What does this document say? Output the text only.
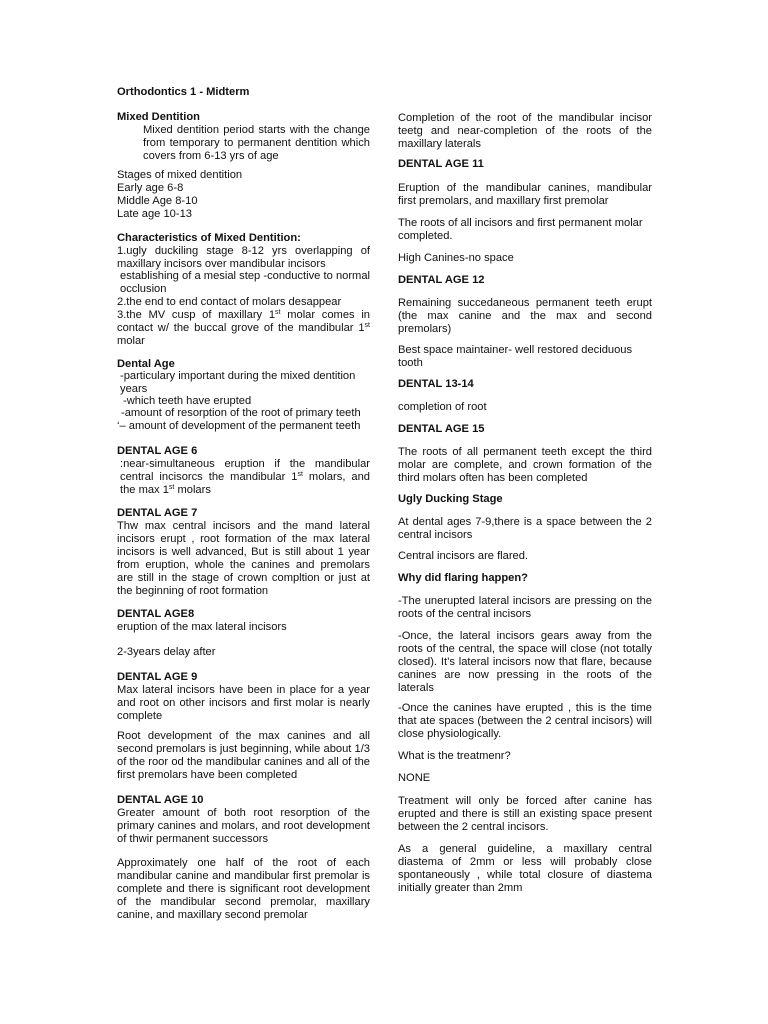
Orthodontics 1 - Midterm

Mixed Dentition

Mixed dentition period starts with the change from temporary to permanent dentition which covers from 6-13 yrs of age

Stages of mixed dentition

Early age 6-8

Middle Age 8-10

Late age 10-13

Characteristics of Mixed Dentition:

1.ugly duckiling stage 8-12 yrs overlapping of maxillary incisors over mandibular incisors

establishing of a mesial step -conductive to normal occlusion

2.the end to end contact of molars desappear

3.the MV cusp of maxillary 1st molar comes in contact w/ the buccal grove of the mandibular 1st molar

Dental Age

-particulary important during the mixed dentition years

-which teeth have erupted

-amount of resorption of the root of primary teeth

‘– amount of development of the permanent teeth

DENTAL AGE 6

:near-simultaneous eruption if the mandibular central incisorcs the mandibular 1st molars, and the max 1st molars

DENTAL AGE 7

Thw max central incisors and the mand lateral incisors erupt , root formation of the max lateral incisors is well advanced, But is still about 1 year from eruption, whole the canines and premolars are still in the stage of crown compltion or just at the beginning of root formation

DENTAL AGE8

eruption of the max lateral incisors

2-3years delay after

DENTAL AGE 9

Max lateral incisors have been in place for a year and root on other incisors and first molar is nearly complete

Root development of the max canines and all second premolars is just beginning, while about 1/3 of the roor od the mandibular canines and all of the first premolars have been completed

DENTAL AGE 10

Greater amount of both root resorption of the primary canines and molars, and root development of thwir permanent successors

Approximately one half of the root of each mandibular canine and mandibular first premolar is complete and there is significant root development of the mandibular second premolar, maxillary canine, and maxillary second premolar

Completion of the root of the mandibular incisor teetg and near-completion of the roots of the maxillary laterals

DENTAL AGE 11

Eruption of the mandibular canines, mandibular first premolars, and maxillary first premolar

The roots of all incisors and first permanent molar completed.

High Canines-no space

DENTAL AGE 12

Remaining succedaneous permanent teeth erupt (the max canine and the max and second premolars)

Best space maintainer- well restored deciduous tooth

DENTAL 13-14

completion of root

DENTAL AGE 15

The roots of all permanent teeth except the third molar are complete, and crown formation of the third molars often has been completed

Ugly Ducking Stage

At dental ages 7-9,there is a space between the 2 central incisors

Central incisors are flared.

Why did flaring happen?

-The unerupted lateral incisors are pressing on the roots of the central incisors

-Once, the lateral incisors gears away from the roots of the central, the space will close (not totally closed). It’s lateral incisors now that flare, because canines are now pressing in the roots of the laterals

-Once the canines have erupted , this is the time that ate spaces (between the 2 central incisors) will close physiologically.

What is the treatmenr?

NONE

Treatment will only be forced after canine has erupted and there is still an existing space present between the 2 central incisors.

As a general guideline, a maxillary central diastema of 2mm or less will probably close spontaneously , while total closure of diastema initially greater than 2mm
